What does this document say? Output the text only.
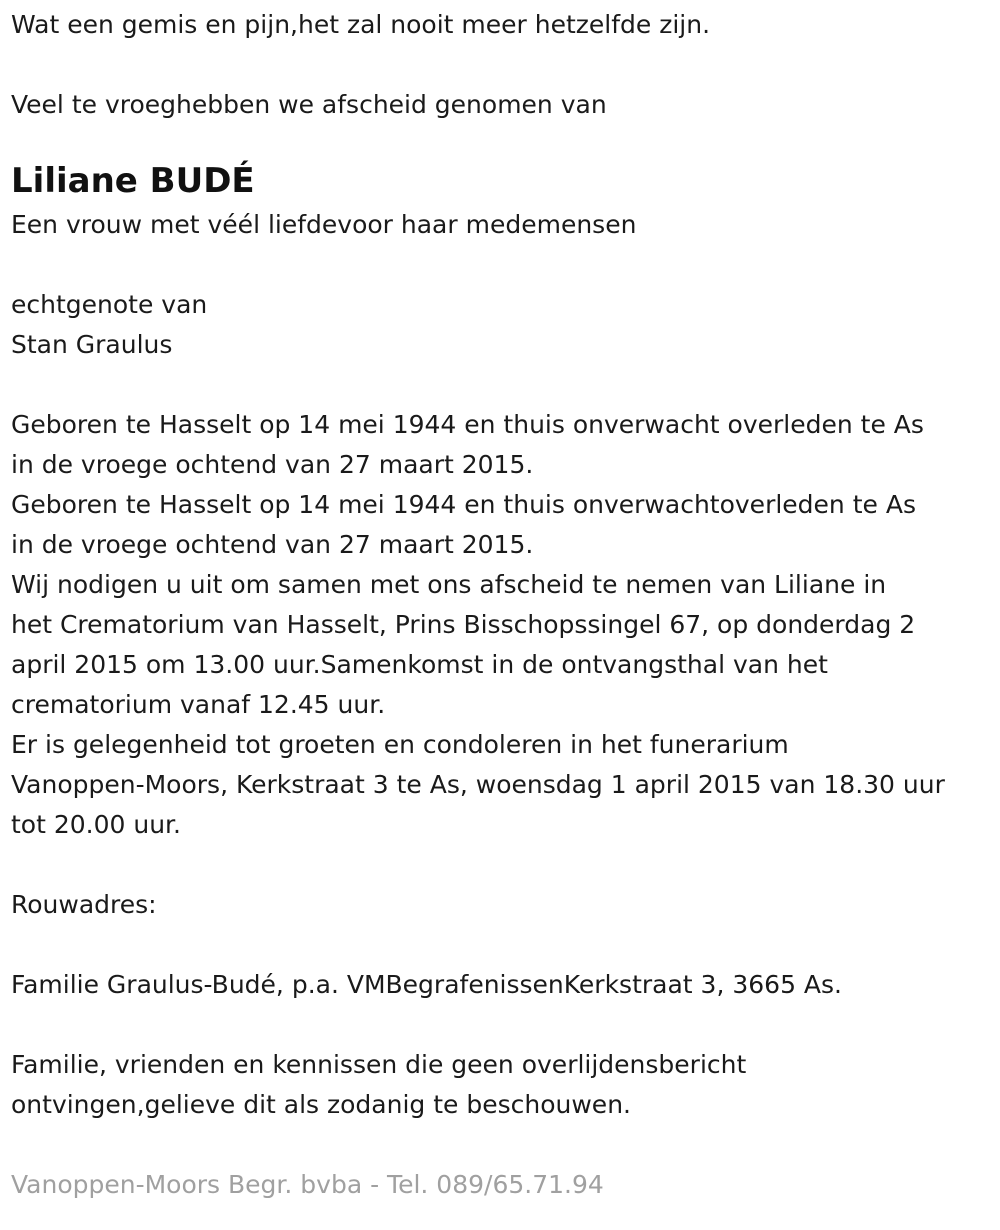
Wat een gemis en pijn,het zal nooit meer hetzelfde zijn.

Veel te vroeghebben we afscheid genomen van

Liliane BUDÉ

Een vrouw met véél liefdevoor haar medemensen

echtgenote van

Stan Graulus

Geboren te Hasselt op 14 mei 1944 en thuis onverwacht overleden te As

in de vroege ochtend van 27 maart 2015.

Geboren te Hasselt op 14 mei 1944 en thuis onverwachtoverleden te As

in de vroege ochtend van 27 maart 2015.

Wij nodigen u uit om samen met ons afscheid te nemen van Liliane in

het Crematorium van Hasselt, Prins Bisschopssingel 67, op donderdag 2

april 2015 om 13.00 uur.Samenkomst in de ontvangsthal van het

crematorium vanaf 12.45 uur.

Er is gelegenheid tot groeten en condoleren in het funerarium

Vanoppen-Moors, Kerkstraat 3 te As, woensdag 1 april 2015 van 18.30 uur

tot 20.00 uur.

Rouwadres:

Familie Graulus-Budé, p.a. VMBegrafenissenKerkstraat 3, 3665 As.

Familie, vrienden en kennissen die geen overlijdensbericht

ontvingen,gelieve dit als zodanig te beschouwen.

Vanoppen-Moors Begr. bvba - Tel. 089/65.71.94
